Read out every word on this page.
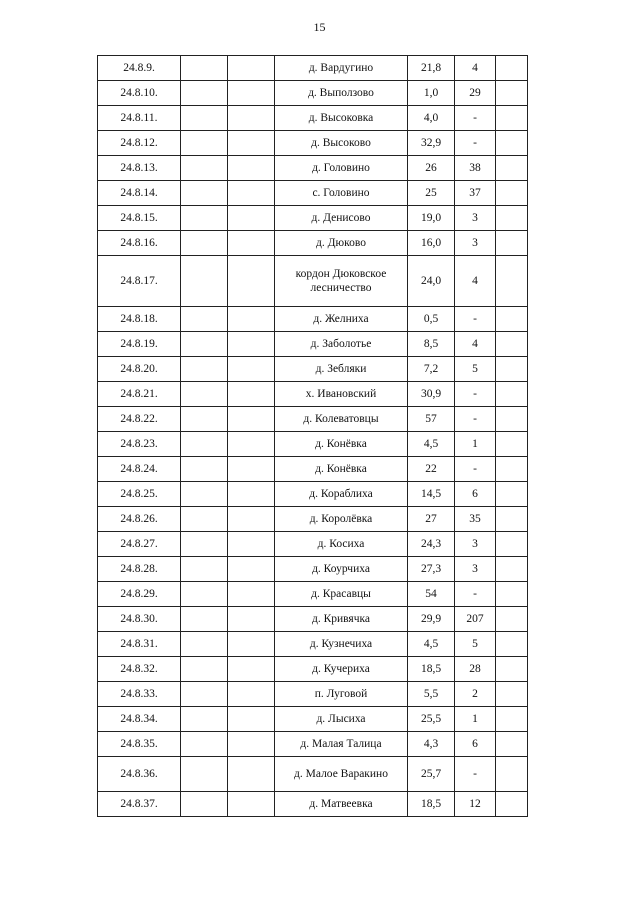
15
24.8.9.			д. Вардугино	21,8	4	
24.8.10.			д. Выползово	1,0	29	
24.8.11.			д. Высоковка	4,0	-	
24.8.12.			д. Высоково	32,9	-	
24.8.13.			д. Головино	26	38	
24.8.14.			с. Головино	25	37	
24.8.15.			д. Денисово	19,0	3	
24.8.16.			д. Дюково	16,0	3	
24.8.17.			кордон Дюковское лесничество	24,0	4	
24.8.18.			д. Желниха	0,5	-	
24.8.19.			д. Заболотье	8,5	4	
24.8.20.			д. Зебляки	7,2	5	
24.8.21.			х. Ивановский	30,9	-	
24.8.22.			д. Колеватовцы	57	-	
24.8.23.			д. Конёвка	4,5	1	
24.8.24.			д. Конёвка	22	-	
24.8.25.			д. Кораблиха	14,5	6	
24.8.26.			д. Королёвка	27	35	
24.8.27.			д. Косиха	24,3	3	
24.8.28.			д. Коурчиха	27,3	3	
24.8.29.			д. Красавцы	54	-	
24.8.30.			д. Кривячка	29,9	207	
24.8.31.			д. Кузнечиха	4,5	5	
24.8.32.			д. Кучериха	18,5	28	
24.8.33.			п. Луговой	5,5	2	
24.8.34.			д. Лысиха	25,5	1	
24.8.35.			д. Малая Талица	4,3	6	
24.8.36.			д. Малое Варакино	25,7	-	
24.8.37.			д. Матвеевка	18,5	12	
